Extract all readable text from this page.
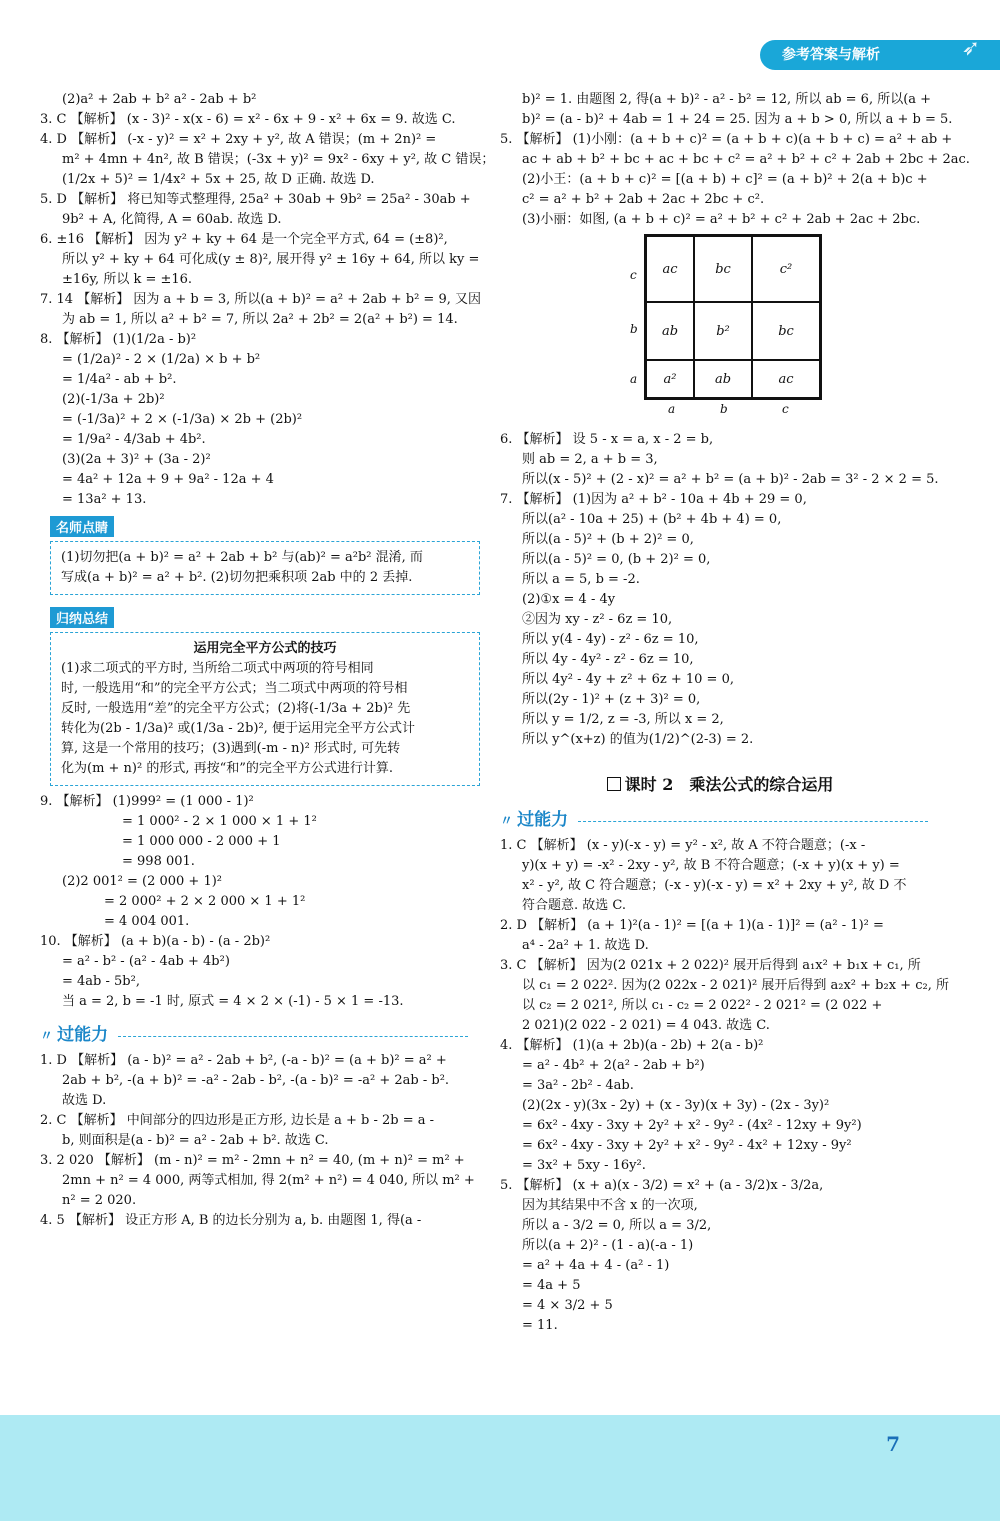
参考答案与解析	➶
(2)a² + 2ab + b² a² - 2ab + b²
3. C 【解析】 (x - 3)² - x(x - 6) = x² - 6x + 9 - x² + 6x = 9. 故选 C.
4. D 【解析】 (-x - y)² = x² + 2xy + y², 故 A 错误；(m + 2n)² =
m² + 4mn + 4n², 故 B 错误；(-3x + y)² = 9x² - 6xy + y², 故 C 错误；
(1/2x + 5)² = 1/4x² + 5x + 25, 故 D 正确. 故选 D.
5. D 【解析】 将已知等式整理得, 25a² + 30ab + 9b² = 25a² - 30ab +
9b² + A, 化简得, A = 60ab. 故选 D.
6. ±16 【解析】 因为 y² + ky + 64 是一个完全平方式, 64 = (±8)²,
所以 y² + ky + 64 可化成(y ± 8)², 展开得 y² ± 16y + 64, 所以 ky =
±16y, 所以 k = ±16.
7. 14 【解析】 因为 a + b = 3, 所以(a + b)² = a² + 2ab + b² = 9, 又因
为 ab = 1, 所以 a² + b² = 7, 所以 2a² + 2b² = 2(a² + b²) = 14.
8. 【解析】 (1)(1/2a - b)²
= (1/2a)² - 2 × (1/2a) × b + b²
= 1/4a² - ab + b².
(2)(-1/3a + 2b)²
= (-1/3a)² + 2 × (-1/3a) × 2b + (2b)²
= 1/9a² - 4/3ab + 4b².
(3)(2a + 3)² + (3a - 2)²
= 4a² + 12a + 9 + 9a² - 12a + 4
= 13a² + 13.
名师点睛
(1)切勿把(a + b)² = a² + 2ab + b² 与(ab)² = a²b² 混淆, 而
写成(a + b)² = a² + b². (2)切勿把乘积项 2ab 中的 2 丢掉.
归纳总结
运用完全平方公式的技巧
(1)求二项式的平方时, 当所给二项式中两项的符号相同
时, 一般选用“和”的完全平方公式；当二项式中两项的符号相
反时, 一般选用“差”的完全平方公式；(2)将(-1/3a + 2b)² 先
转化为(2b - 1/3a)² 或(1/3a - 2b)², 便于运用完全平方公式计
算, 这是一个常用的技巧；(3)遇到(-m - n)² 形式时, 可先转
化为(m + n)² 的形式, 再按“和”的完全平方公式进行计算.
9. 【解析】 (1)999² = (1 000 - 1)²
= 1 000² - 2 × 1 000 × 1 + 1²
= 1 000 000 - 2 000 + 1
= 998 001.
(2)2 001² = (2 000 + 1)²
= 2 000² + 2 × 2 000 × 1 + 1²
= 4 004 001.
10. 【解析】 (a + b)(a - b) - (a - 2b)²
= a² - b² - (a² - 4ab + 4b²)
= 4ab - 5b²,
当 a = 2, b = -1 时, 原式 = 4 × 2 × (-1) - 5 × 1 = -13.
〃 过能力
1. D 【解析】 (a - b)² = a² - 2ab + b², (-a - b)² = (a + b)² = a² +
2ab + b², -(a + b)² = -a² - 2ab - b², -(a - b)² = -a² + 2ab - b².
故选 D.
2. C 【解析】 中间部分的四边形是正方形, 边长是 a + b - 2b = a -
b, 则面积是(a - b)² = a² - 2ab + b². 故选 C.
3. 2 020 【解析】 (m - n)² = m² - 2mn + n² = 40, (m + n)² = m² +
2mn + n² = 4 000, 两等式相加, 得 2(m² + n²) = 4 040, 所以 m² +
n² = 2 020.
4. 5 【解析】 设正方形 A, B 的边长分别为 a, b. 由题图 1, 得(a -
b)² = 1. 由题图 2, 得(a + b)² - a² - b² = 12, 所以 ab = 6, 所以(a +
b)² = (a - b)² + 4ab = 1 + 24 = 25. 因为 a + b > 0, 所以 a + b = 5.
5. 【解析】 (1)小刚：(a + b + c)² = (a + b + c)(a + b + c) = a² + ab +
ac + ab + b² + bc + ac + bc + c² = a² + b² + c² + 2ab + 2bc + 2ac.
(2)小王：(a + b + c)² = [(a + b) + c]² = (a + b)² + 2(a + b)c +
c² = a² + b² + 2ab + 2ac + 2bc + c².
(3)小丽：如图, (a + b + c)² = a² + b² + c² + 2ab + 2ac + 2bc.
ac	bc	c²
ab	b²	bc
a²	ab	ac
c
b
a
a	b	c
6. 【解析】 设 5 - x = a, x - 2 = b,
则 ab = 2, a + b = 3,
所以(x - 5)² + (2 - x)² = a² + b² = (a + b)² - 2ab = 3² - 2 × 2 = 5.
7. 【解析】 (1)因为 a² + b² - 10a + 4b + 29 = 0,
所以(a² - 10a + 25) + (b² + 4b + 4) = 0,
所以(a - 5)² + (b + 2)² = 0,
所以(a - 5)² = 0, (b + 2)² = 0,
所以 a = 5, b = -2.
(2)①x = 4 - 4y
②因为 xy - z² - 6z = 10,
所以 y(4 - 4y) - z² - 6z = 10,
所以 4y - 4y² - z² - 6z = 10,
所以 4y² - 4y + z² + 6z + 10 = 0,
所以(2y - 1)² + (z + 3)² = 0,
所以 y = 1/2, z = -3, 所以 x = 2,
所以 y^(x+z) 的值为(1/2)^(2-3) = 2.
课时 2　乘法公式的综合运用
〃 过能力
1. C 【解析】 (x - y)(-x - y) = y² - x², 故 A 不符合题意；(-x -
y)(x + y) = -x² - 2xy - y², 故 B 不符合题意；(-x + y)(x + y) =
x² - y², 故 C 符合题意；(-x - y)(-x - y) = x² + 2xy + y², 故 D 不
符合题意. 故选 C.
2. D 【解析】 (a + 1)²(a - 1)² = [(a + 1)(a - 1)]² = (a² - 1)² =
a⁴ - 2a² + 1. 故选 D.
3. C 【解析】 因为(2 021x + 2 022)² 展开后得到 a₁x² + b₁x + c₁, 所
以 c₁ = 2 022². 因为(2 022x - 2 021)² 展开后得到 a₂x² + b₂x + c₂, 所
以 c₂ = 2 021², 所以 c₁ - c₂ = 2 022² - 2 021² = (2 022 +
2 021)(2 022 - 2 021) = 4 043. 故选 C.
4. 【解析】 (1)(a + 2b)(a - 2b) + 2(a - b)²
= a² - 4b² + 2(a² - 2ab + b²)
= 3a² - 2b² - 4ab.
(2)(2x - y)(3x - 2y) + (x - 3y)(x + 3y) - (2x - 3y)²
= 6x² - 4xy - 3xy + 2y² + x² - 9y² - (4x² - 12xy + 9y²)
= 6x² - 4xy - 3xy + 2y² + x² - 9y² - 4x² + 12xy - 9y²
= 3x² + 5xy - 16y².
5. 【解析】 (x + a)(x - 3/2) = x² + (a - 3/2)x - 3/2a,
因为其结果中不含 x 的一次项,
所以 a - 3/2 = 0, 所以 a = 3/2,
所以(a + 2)² - (1 - a)(-a - 1)
= a² + 4a + 4 - (a² - 1)
= 4a + 5
= 4 × 3/2 + 5
= 11.
7
